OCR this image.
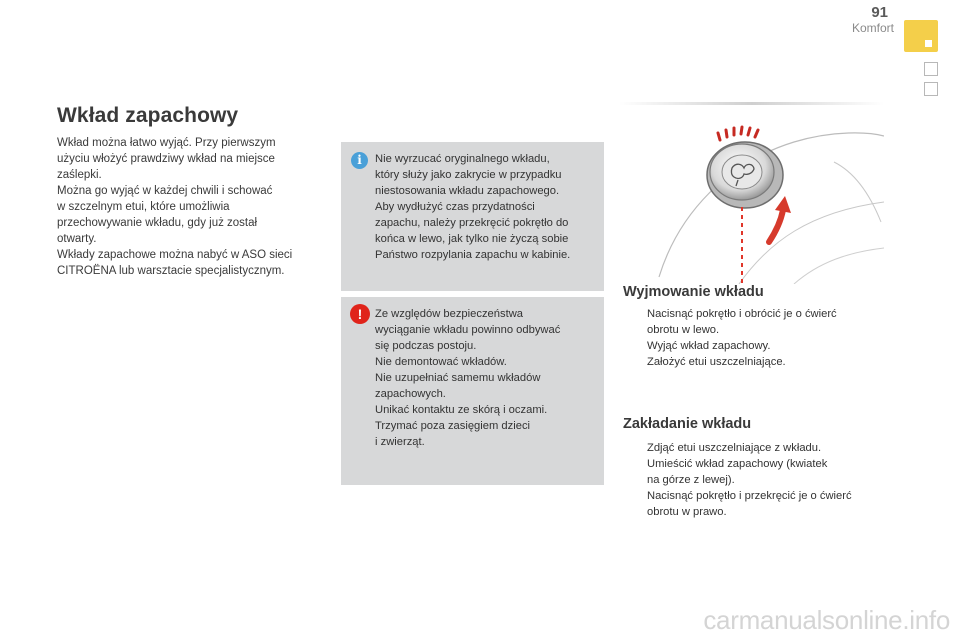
91
Komfort
Wkład zapachowy

Wkład można łatwo wyjąć. Przy pierwszym
użyciu włożyć prawdziwy wkład na miejsce
zaślepki.
Można go wyjąć w każdej chwili i schować
w szczelnym etui, które umożliwia
przechowywanie wkładu, gdy już został
otwarty.
Wkłady zapachowe można nabyć w ASO sieci
CITROËNA lub warsztacie specjalistycznym.

i	Nie wyrzucać oryginalnego wkładu,
który służy jako zakrycie w przypadku
niestosowania wkładu zapachowego.
Aby wydłużyć czas przydatności
zapachu, należy przekręcić pokrętło do
końca w lewo, jak tylko nie życzą sobie
Państwo rozpylania zapachu w kabinie.

!	Ze względów bezpieczeństwa
wyciąganie wkładu powinno odbywać
się podczas postoju.
Nie demontować wkładów.
Nie uzupełniać samemu wkładów
zapachowych.
Unikać kontaktu ze skórą i oczami.
Trzymać poza zasięgiem dzieci
i zwierząt.

Wyjmowanie wkładu
Nacisnąć pokrętło i obrócić je o ćwierć
obrotu w lewo.
Wyjąć wkład zapachowy.
Założyć etui uszczelniające.
Zakładanie wkładu
Zdjąć etui uszczelniające z wkładu.
Umieścić wkład zapachowy (kwiatek
na górze z lewej).
Nacisnąć pokrętło i przekręcić je o ćwierć
obrotu w prawo.
carmanualsonline.info
